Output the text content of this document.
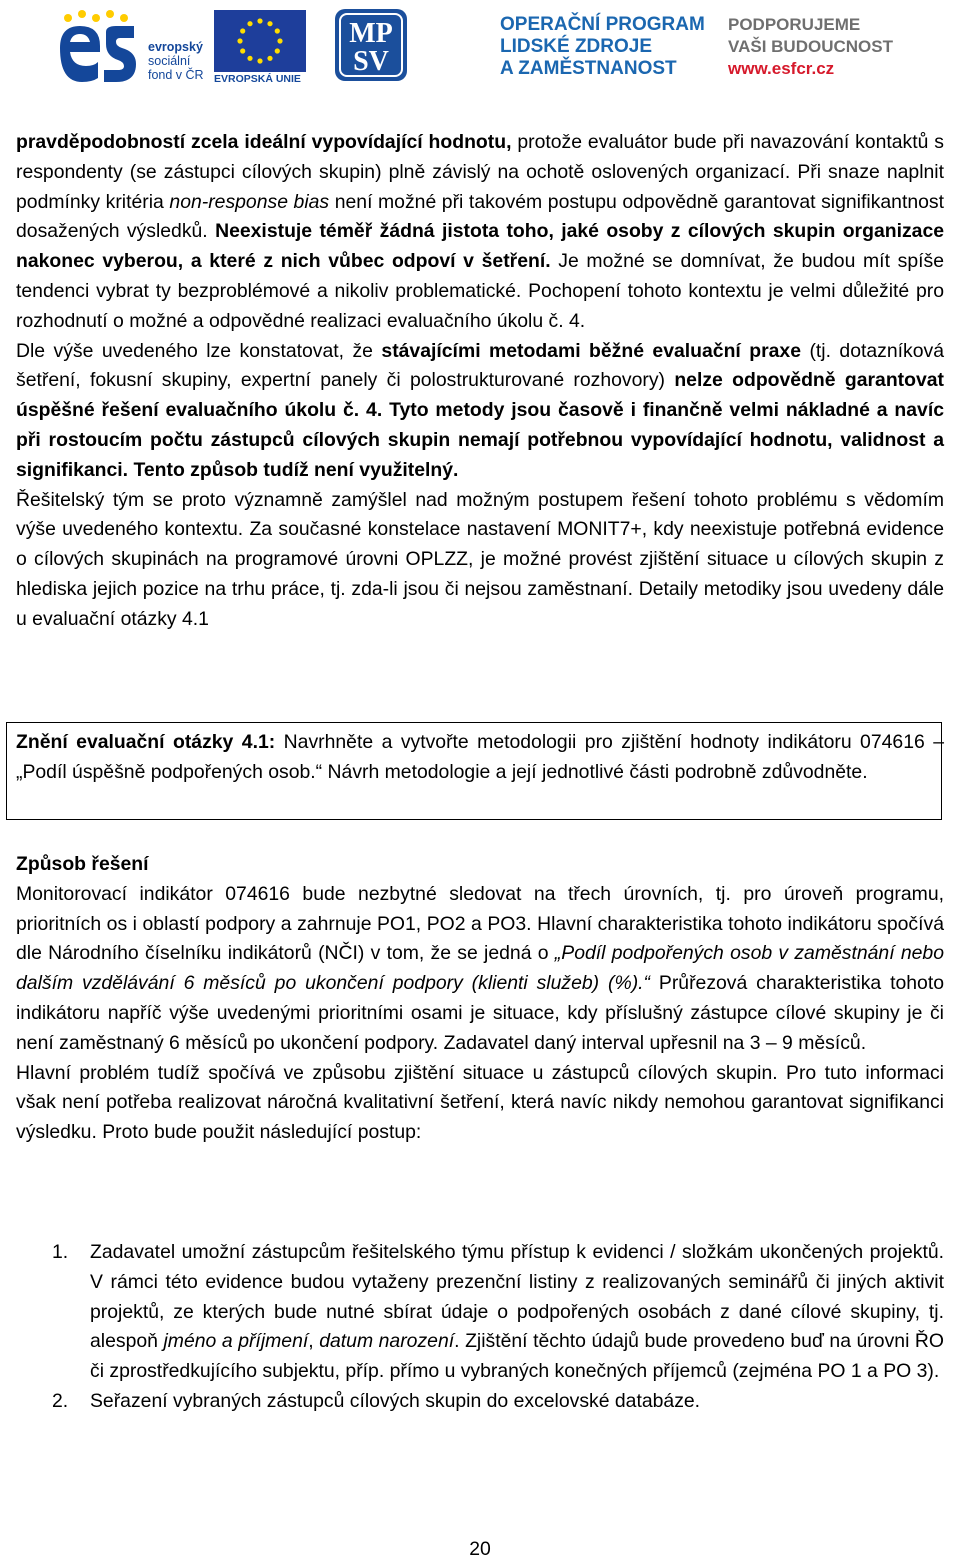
evropský
sociální
fond v ČR EVROPSKÁ UNIE
MP
SV
OPERAČNÍ PROGRAM
LIDSKÉ ZDROJE
A ZAMĚSTNANOST
PODPORUJEME
VAŠI BUDOUCNOST
www.esfcr.cz

pravděpodobností zcela ideální vypovídající hodnotu, protože evaluátor bude při navazování kontaktů s respondenty (se zástupci cílových skupin) plně závislý na ochotě oslovených organizací. Při snaze naplnit podmínky kritéria non-response bias není možné při takovém postupu odpovědně garantovat signifikantnost dosažených výsledků. Neexistuje téměř žádná jistota toho, jaké osoby z cílových skupin organizace nakonec vyberou, a které z nich vůbec odpoví v šetření. Je možné se domnívat, že budou mít spíše tendenci vybrat ty bezproblémové a nikoliv problematické. Pochopení tohoto kontextu je velmi důležité pro rozhodnutí o možné a odpovědné realizaci evaluačního úkolu č. 4.

Dle výše uvedeného lze konstatovat, že stávajícími metodami běžné evaluační praxe (tj. dotazníková šetření, fokusní skupiny, expertní panely či polostrukturované rozhovory) nelze odpovědně garantovat úspěšné řešení evaluačního úkolu č. 4. Tyto metody jsou časově i finančně velmi nákladné a navíc při rostoucím počtu zástupců cílových skupin nemají potřebnou vypovídající hodnotu, validnost a signifikanci. Tento způsob tudíž není využitelný.

Řešitelský tým se proto významně zamýšlel nad možným postupem řešení tohoto problému s vědomím výše uvedeného kontextu. Za současné konstelace nastavení MONIT7+, kdy neexistuje potřebná evidence o cílových skupinách na programové úrovni OPLZZ, je možné provést zjištění situace u cílových skupin z hlediska jejich pozice na trhu práce, tj. zda-li jsou či nejsou zaměstnaní. Detaily metodiky jsou uvedeny dále u evaluační otázky 4.1

Znění evaluační otázky 4.1: Navrhněte a vytvořte metodologii pro zjištění hodnoty indikátoru 074616 – „Podíl úspěšně podpořených osob.“ Návrh metodologie a její jednotlivé části podrobně zdůvodněte.
Způsob řešení

Monitorovací indikátor 074616 bude nezbytné sledovat na třech úrovních, tj. pro úroveň programu, prioritních os i oblastí podpory a zahrnuje PO1, PO2 a PO3. Hlavní charakteristika tohoto indikátoru spočívá dle Národního číselníku indikátorů (NČI) v tom, že se jedná o „Podíl podpořených osob v zaměstnání nebo dalším vzdělávání 6 měsíců po ukončení podpory (klienti služeb) (%).“ Průřezová charakteristika tohoto indikátoru napříč výše uvedenými prioritními osami je situace, kdy příslušný zástupce cílové skupiny je či není zaměstnaný 6 měsíců po ukončení podpory. Zadavatel daný interval upřesnil na 3 – 9 měsíců.

Hlavní problém tudíž spočívá ve způsobu zjištění situace u zástupců cílových skupin. Pro tuto informaci však není potřeba realizovat náročná kvalitativní šetření, která navíc nikdy nemohou garantovat signifikanci výsledku. Proto bude použit následující postup:

1. Zadavatel umožní zástupcům řešitelského týmu přístup k evidenci / složkám ukončených projektů. V rámci této evidence budou vytaženy prezenční listiny z realizovaných seminářů či jiných aktivit projektů, ze kterých bude nutné sbírat údaje o podpořených osobách z dané cílové skupiny, tj. alespoň jméno a příjmení, datum narození. Zjištění těchto údajů bude provedeno buď na úrovni ŘO či zprostředkujícího subjektu, příp. přímo u vybraných konečných příjemců (zejména PO 1 a PO 3).
2. Seřazení vybraných zástupců cílových skupin do excelovské databáze.
20
